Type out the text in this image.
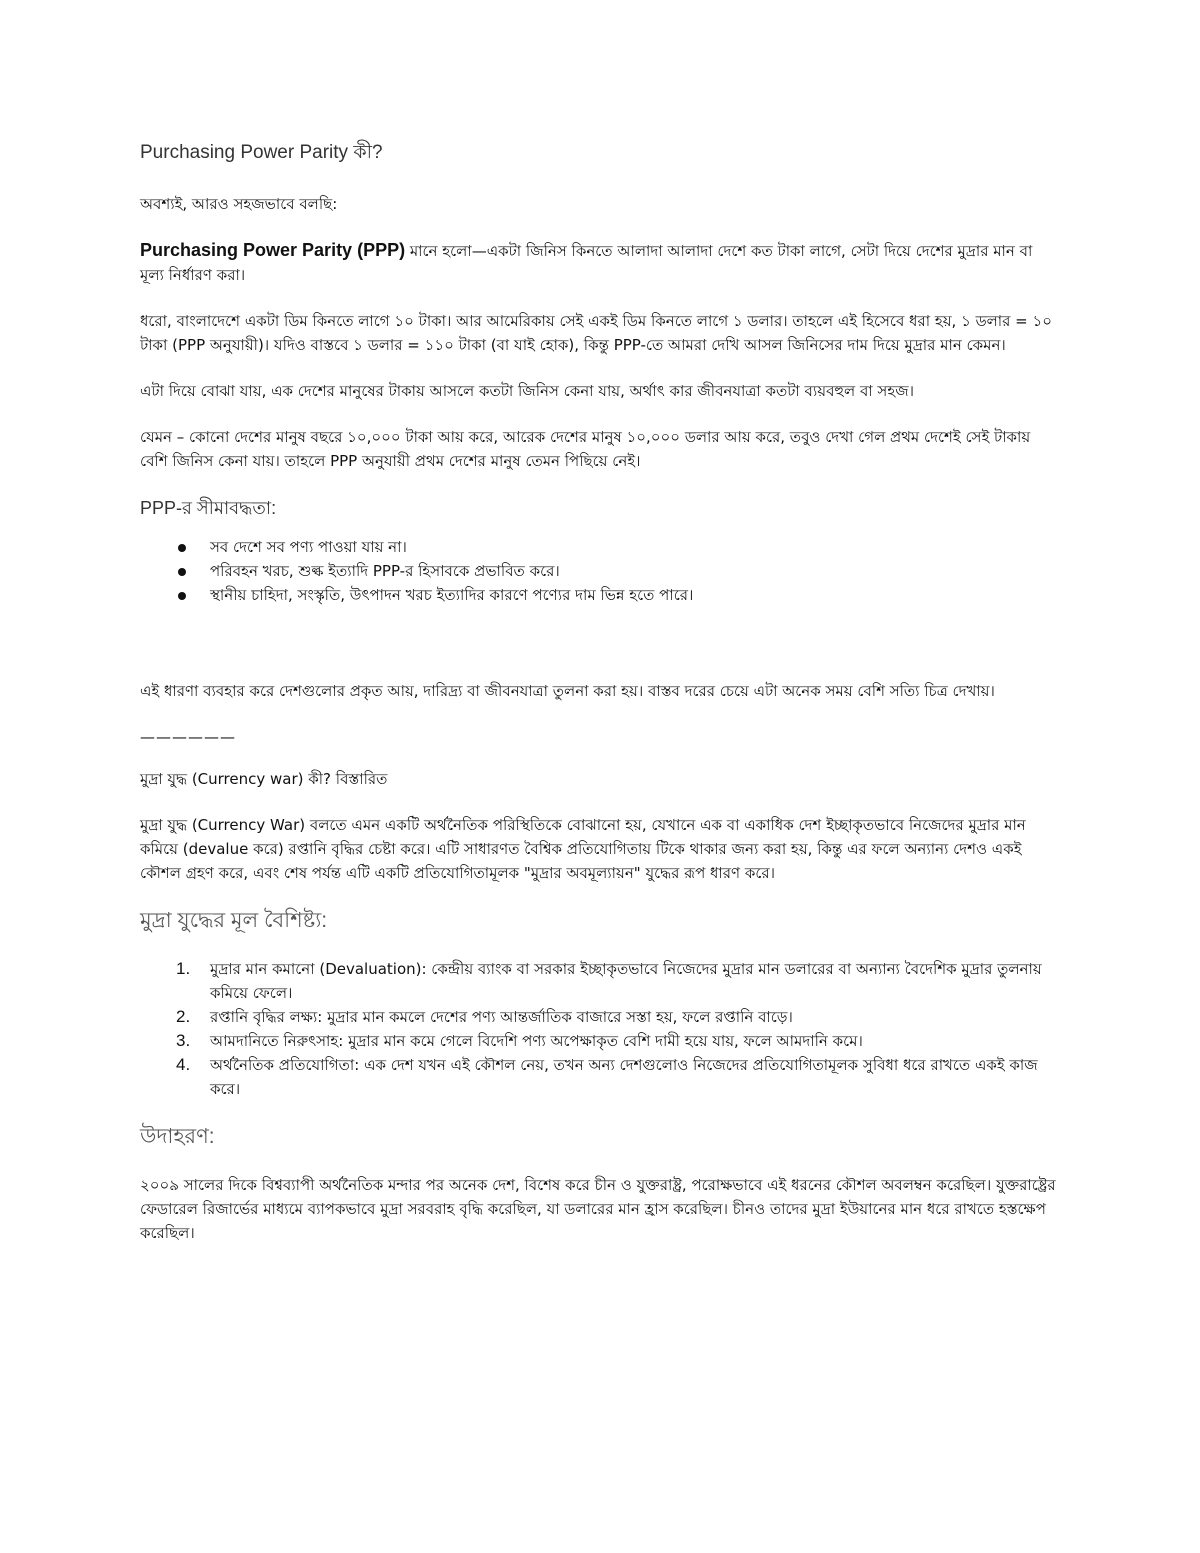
Purchasing Power Parity কী?

অবশ্যই, আরও সহজভাবে বলছি:

Purchasing Power Parity (PPP) মানে হলো—একটা জিনিস কিনতে আলাদা আলাদা দেশে কত টাকা লাগে, সেটা দিয়ে দেশের মুদ্রার মান বা মূল্য নির্ধারণ করা।

ধরো, বাংলাদেশে একটা ডিম কিনতে লাগে ১০ টাকা। আর আমেরিকায় সেই একই ডিম কিনতে লাগে ১ ডলার। তাহলে এই হিসেবে ধরা হয়, ১ ডলার = ১০ টাকা (PPP অনুযায়ী)। যদিও বাস্তবে ১ ডলার = ১১০ টাকা (বা যাই হোক), কিন্তু PPP-তে আমরা দেখি আসল জিনিসের দাম দিয়ে মুদ্রার মান কেমন।

এটা দিয়ে বোঝা যায়, এক দেশের মানুষের টাকায় আসলে কতটা জিনিস কেনা যায়, অর্থাৎ কার জীবনযাত্রা কতটা ব্যয়বহুল বা সহজ।

যেমন – কোনো দেশের মানুষ বছরে ১০,০০০ টাকা আয় করে, আরেক দেশের মানুষ ১০,০০০ ডলার আয় করে, তবুও দেখা গেল প্রথম দেশেই সেই টাকায় বেশি জিনিস কেনা যায়। তাহলে PPP অনুযায়ী প্রথম দেশের মানুষ তেমন পিছিয়ে নেই।

PPP-র সীমাবদ্ধতা:
সব দেশে সব পণ্য পাওয়া যায় না।
পরিবহন খরচ, শুল্ক ইত্যাদি PPP-র হিসাবকে প্রভাবিত করে।
স্থানীয় চাহিদা, সংস্কৃতি, উৎপাদন খরচ ইত্যাদির কারণে পণ্যের দাম ভিন্ন হতে পারে।

এই ধারণা ব্যবহার করে দেশগুলোর প্রকৃত আয়, দারিদ্র্য বা জীবনযাত্রা তুলনা করা হয়। বাস্তব দরের চেয়ে এটা অনেক সময় বেশি সত্যি চিত্র দেখায়।

——————

মুদ্রা যুদ্ধ (Currency war) কী? বিস্তারিত

মুদ্রা যুদ্ধ (Currency War) বলতে এমন একটি অর্থনৈতিক পরিস্থিতিকে বোঝানো হয়, যেখানে এক বা একাধিক দেশ ইচ্ছাকৃতভাবে নিজেদের মুদ্রার মান কমিয়ে (devalue করে) রপ্তানি বৃদ্ধির চেষ্টা করে। এটি সাধারণত বৈশ্বিক প্রতিযোগিতায় টিকে থাকার জন্য করা হয়, কিন্তু এর ফলে অন্যান্য দেশও একই কৌশল গ্রহণ করে, এবং শেষ পর্যন্ত এটি একটি প্রতিযোগিতামূলক "মুদ্রার অবমূল্যায়ন" যুদ্ধের রূপ ধারণ করে।

মুদ্রা যুদ্ধের মূল বৈশিষ্ট্য:
1. মুদ্রার মান কমানো (Devaluation): কেন্দ্রীয় ব্যাংক বা সরকার ইচ্ছাকৃতভাবে নিজেদের মুদ্রার মান ডলারের বা অন্যান্য বৈদেশিক মুদ্রার তুলনায় কমিয়ে ফেলে।
2. রপ্তানি বৃদ্ধির লক্ষ্য: মুদ্রার মান কমলে দেশের পণ্য আন্তর্জাতিক বাজারে সস্তা হয়, ফলে রপ্তানি বাড়ে।
3. আমদানিতে নিরুৎসাহ: মুদ্রার মান কমে গেলে বিদেশি পণ্য অপেক্ষাকৃত বেশি দামী হয়ে যায়, ফলে আমদানি কমে।
4. অর্থনৈতিক প্রতিযোগিতা: এক দেশ যখন এই কৌশল নেয়, তখন অন্য দেশগুলোও নিজেদের প্রতিযোগিতামূলক সুবিধা ধরে রাখতে একই কাজ করে।
উদাহরণ:

২০০৯ সালের দিকে বিশ্বব্যাপী অর্থনৈতিক মন্দার পর অনেক দেশ, বিশেষ করে চীন ও যুক্তরাষ্ট্র, পরোক্ষভাবে এই ধরনের কৌশল অবলম্বন করেছিল। যুক্তরাষ্ট্রের ফেডারেল রিজার্ভের মাধ্যমে ব্যাপকভাবে মুদ্রা সরবরাহ বৃদ্ধি করেছিল, যা ডলারের মান হ্রাস করেছিল। চীনও তাদের মুদ্রা ইউয়ানের মান ধরে রাখতে হস্তক্ষেপ করেছিল।
